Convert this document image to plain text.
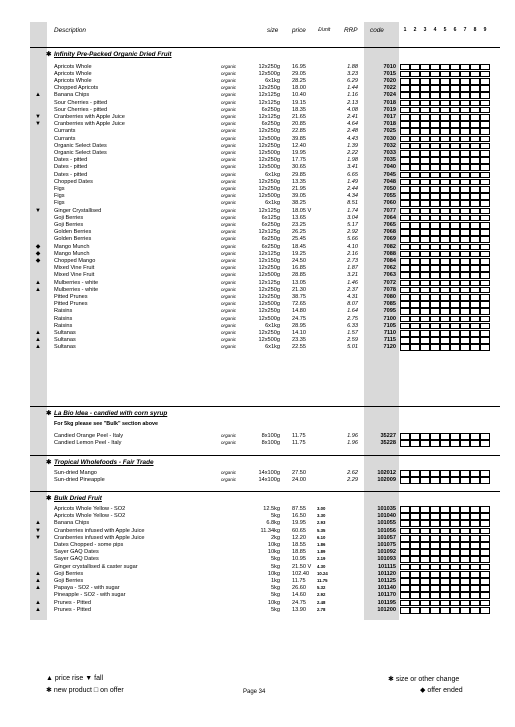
Description	size price £/unit RRP code	1	2	3	4	5	6	7	8	9
✱ Infinity Pre-Packed Organic Dried Fruit
Apricots Whole	organic	12x250g 16.95	1.88	7010
Apricots Whole	organic	12x500g 29.05	3.23	7015
Apricots Whole	organic	6x1kg 28.25	6.29	7020
Chopped Apricots	organic	12x250g 18.00	1.44	7022
▲ Banana Chips	organic	12x125g 10.40	1.16	7024
Sour Cherries - pitted	organic	12x125g 19.15	2.13	7018
Sour Cherries - pitted	organic	6x250g 18.35	4.08	7019
▼ Cranberries with Apple Juice	organic	12x125g 21.65	2.41	7017
▼ Cranberries with Apple Juice	organic	6x250g 20.85	4.64	7018
Currants	organic	12x250g 22.85	2.48	7025
Currants	organic	12x500g 39.85	4.43	7030
Organic Select Dates	organic	12x250g 12.40	1.39	7032
Organic Select Dates	organic	12x500g 19.95	2.22	7033
Dates - pitted	organic	12x250g 17.75	1.98	7035
Dates - pitted	organic	12x500g 30.65	3.41	7040
Dates - pitted	organic	6x1kg 29.85	6.65	7045
Chopped Dates	organic	12x250g 13.35	1.49	7048
Figs	organic	12x250g 21.95	2.44	7050
Figs	organic	12x500g 39.05	4.34	7055
Figs	organic	6x1kg 38.25	8.51	7060
▼ Ginger Crystallised	organic	12x125g 18.05 V	1.74	7077
Goji Berries	organic	6x125g 13.65	3.04	7064
Goji Berries	organic	6x250g 23.25	5.17	7065
Golden Berries	organic	12x125g 26.25	2.92	7068
Golden Berries	organic	6x250g 25.45	5.66	7069
◆	Mango Munch	organic	6x250g 18.45	4.10	7082
◆	Mango Munch	organic	12x125g 19.25	2.16	7088
◆	Chopped Mango	organic	12x150g 24.50	2.73	7084
Mixed Vine Fruit	organic	12x250g 16.85	1.87	7062
Mixed Vine Fruit	organic	12x500g 28.85	3.21	7063
▲ Mulberries - white	organic	12x125g 13.05	1.46	7072
▲ Mulberries - white	organic	12x250g 21.30	2.37	7078
Pitted Prunes	organic	12x250g 38.75	4.31	7080
Pitted Prunes	organic	12x500g 72.65	8.07	7085
Raisins	organic	12x250g 14.80	1.64	7095
Raisins	organic	12x500g 24.75	2.75	7100
Raisins	organic	6x1kg 28.95	6.33	7105
▲ Sultanas	organic	12x250g 14.10	1.57	7110
▲ Sultanas	organic	12x500g 23.35	2.59	7115
▲ Sultanas	organic	6x1kg 22.55	5.01	7120
✱ La Bio Idea - candied with corn syrup
For 5kg please see "Bulk" section above
Candied Orange Peel - Italy	organic	8x100g 11.75	1.96	35227
Candied Lemon Peel - Italy	organic	8x100g 11.75	1.96	35228
✱ Tropical Wholefoods - Fair Trade
Sun-dried Mango	organic	14x100g 27.50	2.62	102012
Sun-dried Pineapple	organic	14x100g 24.00	2.29	102009
✱ Bulk Dried Fruit
Apricots Whole Yellow - SO2	12.5kg 87.55	3.00	101035
Apricots Whole Yellow - SO2	5kg 16.50	3.30	101040
▲ Banana Chips	6.8kg 19.95	2.93	101055
▼ Cranberries infused with Apple Juice	11.34kg 60.65	5.35	101056
▼ Cranberries infused with Apple Juice	2kg 12.20	6.10	101057
Dates Chopped - some pips	10kg 18.55	1.86	101075
Sayer GAQ Dates	10kg 18.85	1.89	101092
Sayer GAQ Dates	5kg 10.95	2.19	101093
Ginger crystallised & caster sugar	5kg 21.50 V 4.30	101115
▲ Goji Berries	10kg 102.40 10.24	101120
▲ Goji Berries	1kg 11.75	11.75	101125
▲ Papaya - SO2 - with sugar	5kg 26.60	5.32	101140
Pineapple - SO2 - with sugar	5kg 14.60	2.92	101170
▲ Prunes - Pitted	10kg 24.75	2.48	101195
▲ Prunes - Pitted	5kg 13.90	2.78	101200
▲ price rise ▼ fall
✱ new product □ on offer	Page 34
✱ size or other change
◆ offer ended
